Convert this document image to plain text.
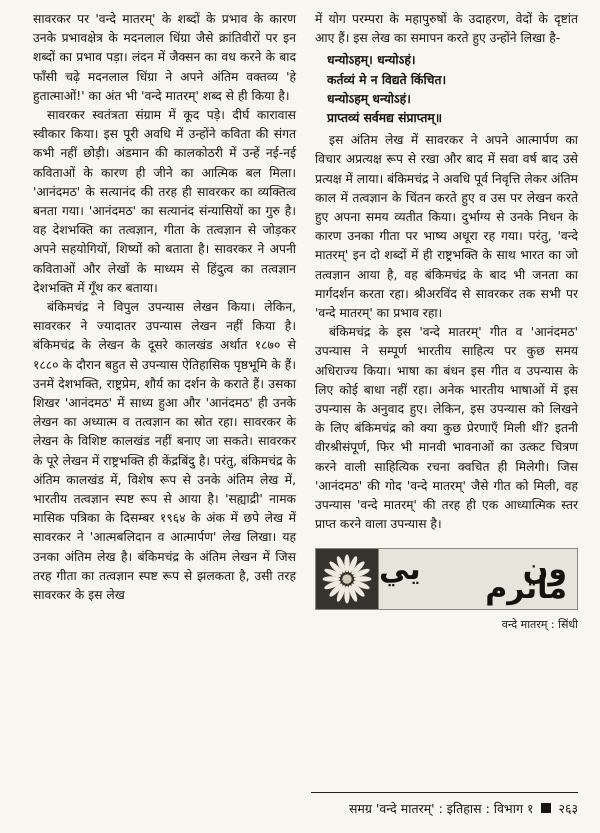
सावरकर पर 'वन्दे मातरम्' के शब्दों के प्रभाव के कारण उनके प्रभावक्षेत्र के मदनलाल धिंग्रा जैसे क्रांतिवीरों पर इन शब्दों का प्रभाव पड़ा। लंदन में जैक्सन का वध करने के बाद फाँसी चढ़े मदनलाल धिंग्रा ने अपने अंतिम वक्तव्य 'हे हुतात्माओं!' का अंत भी 'वन्दे मातरम्' शब्द से ही किया है।

सावरकर स्वतंत्रता संग्राम में कूद पड़े। दीर्घ कारावास स्वीकार किया। इस पूरी अवधि में उन्होंने कविता की संगत कभी नहीं छोड़ी। अंडमान की कालकोठरी में उन्हें नई-नई कविताओं के कारण ही जीने का आत्मिक बल मिला। 'आनंदमठ' के सत्यानंद की तरह ही सावरकर का व्यक्तित्व बनता गया। 'आनंदमठ' का सत्यानंद संन्यासियों का गुरु है। वह देशभक्ति का तत्वज्ञान, गीता के तत्वज्ञान से जोड़कर अपने सहयोगियों, शिष्यों को बताता है। सावरकर ने अपनी कविताओं और लेखों के माध्यम से हिंदुत्व का तत्वज्ञान देशभक्ति में गूँथ कर बताया।

बंकिमचंद्र ने विपुल उपन्यास लेखन किया। लेकिन, सावरकर ने ज्यादातर उपन्यास लेखन नहीं किया है। बंकिमचंद्र के लेखन के दूसरे कालखंड अर्थात १८७० से १८८० के दौरान बहुत से उपन्यास ऐतिहासिक पृष्ठभूमि के हैं। उनमें देशभक्ति, राष्ट्रप्रेम, शौर्य का दर्शन के कराते हैं। उसका शिखर 'आनंदमठ' में साध्य हुआ और 'आनंदमठ' ही उनके लेखन का अध्यात्म व तत्वज्ञान का स्रोत रहा। सावरकर के लेखन के विशिष्ट कालखंड नहीं बनाए जा सकते। सावरकर के पूरे लेखन में राष्ट्रभक्ति ही केंद्रबिंदु है। परंतु, बंकिमचंद्र के अंतिम कालखंड में, विशेष रूप से उनके अंतिम लेख में, भारतीय तत्वज्ञान स्पष्ट रूप से आया है। 'सह्याद्री' नामक मासिक पत्रिका के दिसम्बर १९६४ के अंक में छपे लेख में सावरकर ने 'आत्मबलिदान व आत्मार्पण' लेख लिखा। यह उनका अंतिम लेख है। बंकिमचंद्र के अंतिम लेखन में जिस तरह गीता का तत्वज्ञान स्पष्ट रूप से झलकता है, उसी तरह सावरकर के इस लेख

में योग परम्परा के महापुरुषों के उदाहरण, वेदों के दृष्टांत आए हैं। इस लेख का समापन करते हुए उन्होंने लिखा है-

धन्योऽहम्। धन्योऽहं।
कर्तव्यं मे न विद्यते किंचित।
धन्योऽहम् धन्योऽहं।
प्राप्तव्यं सर्वमद्य संप्राप्तम्॥

इस अंतिम लेख में सावरकर ने अपने आत्मार्पण का विचार अप्रत्यक्ष रूप से रखा और बाद में सवा वर्ष बाद उसे प्रत्यक्ष में लाया। बंकिमचंद्र ने अवधि पूर्व निवृत्ति लेकर अंतिम काल में तत्वज्ञान के चिंतन करते हुए व उस पर लेखन करते हुए अपना समय व्यतीत किया। दुर्भाग्य से उनके निधन के कारण उनका गीता पर भाष्य अधूरा रह गया। परंतु, 'वन्दे मातरम्' इन दो शब्दों में ही राष्ट्रभक्ति के साथ भारत का जो तत्वज्ञान आया है, वह बंकिमचंद्र के बाद भी जनता का मार्गदर्शन करता रहा। श्रीअरविंद से सावरकर तक सभी पर 'वन्दे मातरम्' का प्रभाव रहा।

बंकिमचंद्र के इस 'वन्दे मातरम्' गीत व 'आनंदमठ' उपन्यास ने सम्पूर्ण भारतीय साहित्य पर कुछ समय अधिराज्य किया। भाषा का बंधन इस गीत व उपन्यास के लिए कोई बाधा नहीं रहा। अनेक भारतीय भाषाओं में इस उपन्यास के अनुवाद हुए। लेकिन, इस उपन्यास को लिखने के लिए बंकिमचंद्र को क्या कुछ प्रेरणाएँ मिली थीं? इतनी वीरश्रीसंपूर्ण, फिर भी मानवी भावनाओं का उत्कट चित्रण करने वाली साहित्यिक रचना क्वचित ही मिलेगी। जिस 'आनंदमठ' की गोद 'वन्दे मातरम्' जैसे गीत को मिली, वह उपन्यास 'वन्दे मातरम्' की तरह ही एक आध्यात्मिक स्तर प्राप्त करने वाला उपन्यास है।

ون يي ماترم
वन्दे मातरम् : सिंधी
समग्र 'वन्दे मातरम्' : इतिहास : विभाग १ २६३
